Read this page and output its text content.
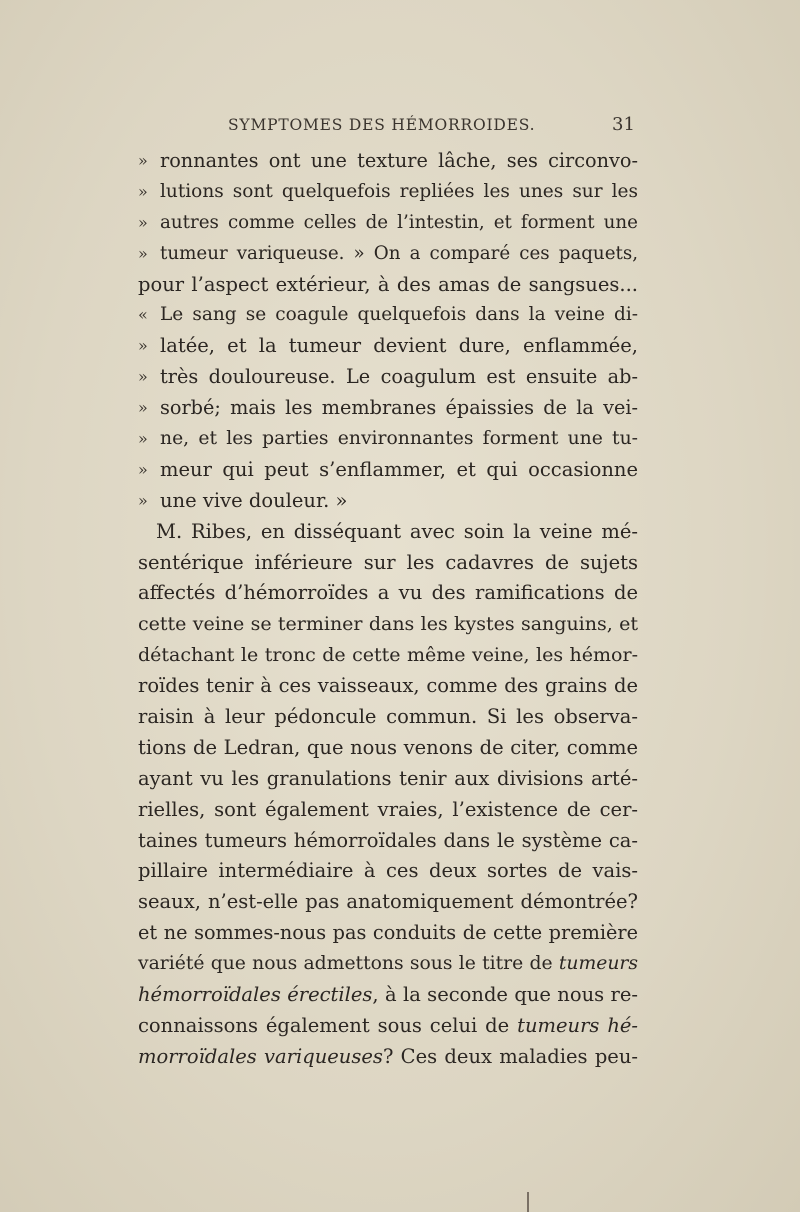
SYMPTOMES DES HÉMORROIDES.	31
» ronnantes ont une texture lâche, ses circonvo-
» lutions sont quelquefois repliées les unes sur les
» autres comme celles de l’intestin, et forment une
» tumeur variqueuse. » On a comparé ces paquets,
pour l’aspect extérieur, à des amas de sangsues...
« Le sang se coagule quelquefois dans la veine di-
» latée, et la tumeur devient dure, enflammée,
» très douloureuse. Le coagulum est ensuite ab-
» sorbé; mais les membranes épaissies de la vei-
» ne, et les parties environnantes forment une tu-
» meur qui peut s’enflammer, et qui occasionne
» une vive douleur. »
M. Ribes, en disséquant avec soin la veine mé-
sentérique inférieure sur les cadavres de sujets
affectés d’hémorroïdes a vu des ramifications de
cette veine se terminer dans les kystes sanguins, et
détachant le tronc de cette même veine, les hémor-
roïdes tenir à ces vaisseaux, comme des grains de
raisin à leur pédoncule commun. Si les observa-
tions de Ledran, que nous venons de citer, comme
ayant vu les granulations tenir aux divisions arté-
rielles, sont également vraies, l’existence de cer-
taines tumeurs hémorroïdales dans le système ca-
pillaire intermédiaire à ces deux sortes de vais-
seaux, n’est-elle pas anatomiquement démontrée?
et ne sommes-nous pas conduits de cette première
variété que nous admettons sous le titre de tumeurs
hémorroïdales érectiles, à la seconde que nous re-
connaissons également sous celui de tumeurs hé-
morroïdales variqueuses? Ces deux maladies peu-
